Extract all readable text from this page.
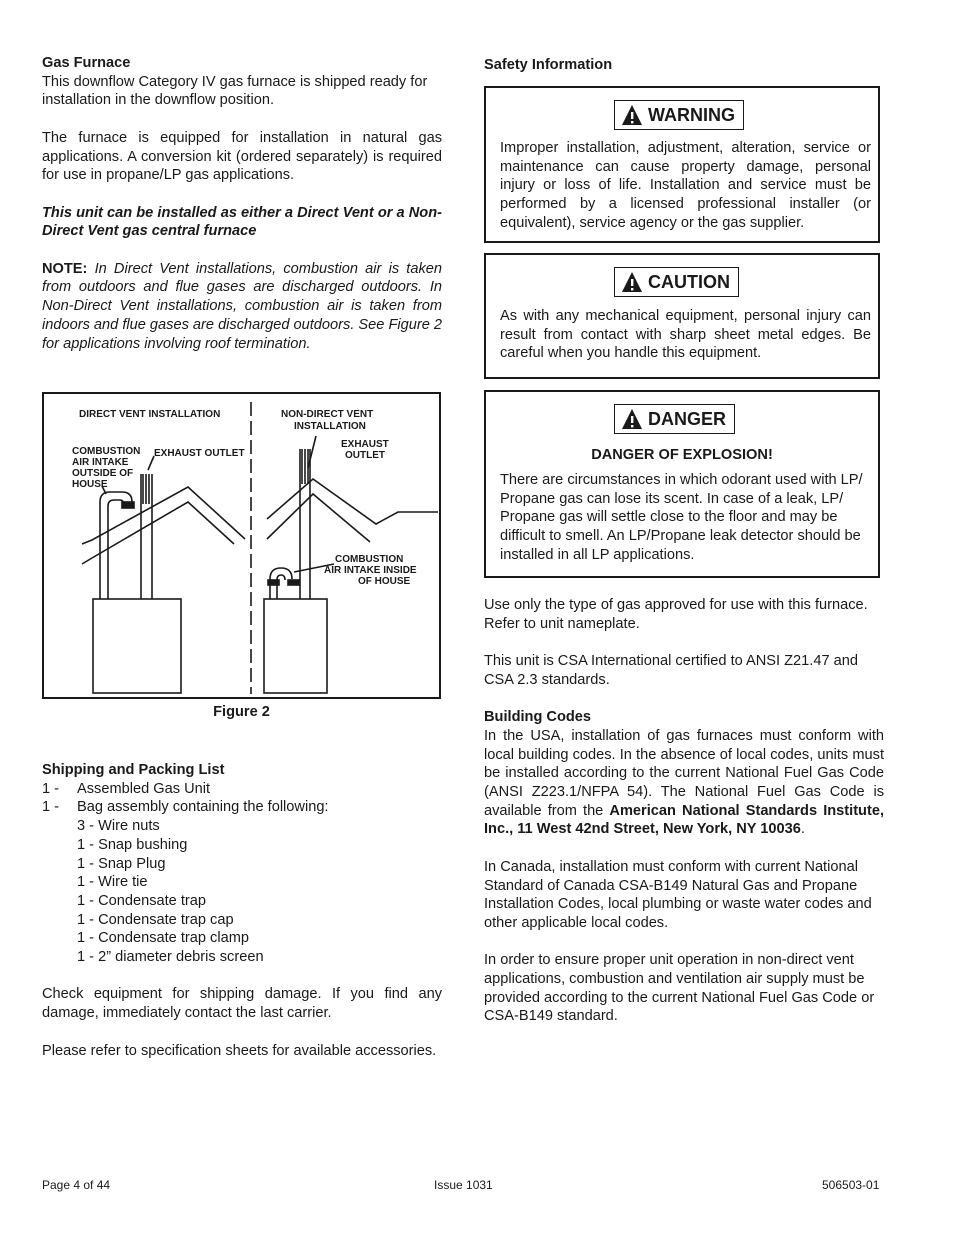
Gas Furnace

This downflow Category IV gas furnace is shipped ready for installation in the downflow position.

The furnace is equipped for installation in natural gas applications. A conversion kit (ordered separately) is required for use in propane/LP gas applications.

This unit can be installed as either a Direct Vent or a Non-Direct Vent gas central furnace

NOTE: In Direct Vent installations, combustion air is taken from outdoors and flue gases are discharged outdoors. In Non-Direct Vent installations, combustion air is taken from indoors and flue gases are discharged outdoors. See Figure 2 for applications involving roof termination.

DIRECT VENT INSTALLATION	NON-DIRECT VENT
INSTALLATION
COMBUSTION
AIR INTAKE
OUTSIDE OF
HOUSE
EXHAUST OUTLET
EXHAUST
OUTLET
COMBUSTION
AIR INTAKE INSIDE
OF HOUSE
Figure 2

Shipping and Packing List

1 -	Assembled Gas Unit
1 -	Bag assembly containing the following:
3 - Wire nuts
1 - Snap bushing
1 - Snap Plug
1 - Wire tie
1 - Condensate trap
1 - Condensate trap cap
1 - Condensate trap clamp
1 - 2” diameter debris screen

Check equipment for shipping damage. If you find any damage, immediately contact the last carrier.

Please refer to specification sheets for available accessories.

Safety Information

WARNING

Improper installation, adjustment, alteration, service or maintenance can cause property damage, personal injury or loss of life. Installation and service must be performed by a licensed professional installer (or equivalent), service agency or the gas supplier.

CAUTION

As with any mechanical equipment, personal injury can result from contact with sharp sheet metal edges. Be careful when you handle this equipment.

DANGER

DANGER OF EXPLOSION!

There are circumstances in which odorant used with LP/ Propane gas can lose its scent. In case of a leak, LP/ Propane gas will settle close to the floor and may be difficult to smell. An LP/Propane leak detector should be installed in all LP applications.

Use only the type of gas approved for use with this furnace. Refer to unit nameplate.

This unit is CSA International certified to ANSI Z21.47 and CSA 2.3 standards.

Building Codes

In the USA, installation of gas furnaces must conform with local building codes. In the absence of local codes, units must be installed according to the current National Fuel Gas Code (ANSI Z223.1/NFPA 54). The National Fuel Gas Code is available from the American National Standards Institute, Inc., 11 West 42nd Street, New York, NY 10036.

In Canada, installation must conform with current National Standard of Canada CSA-B149 Natural Gas and Propane Installation Codes, local plumbing or waste water codes and other applicable local codes.

In order to ensure proper unit operation in non-direct vent applications, combustion and ventilation air supply must be provided according to the current National Fuel Gas Code or CSA-B149 standard.

Page 4 of 44	Issue 1031	506503-01
